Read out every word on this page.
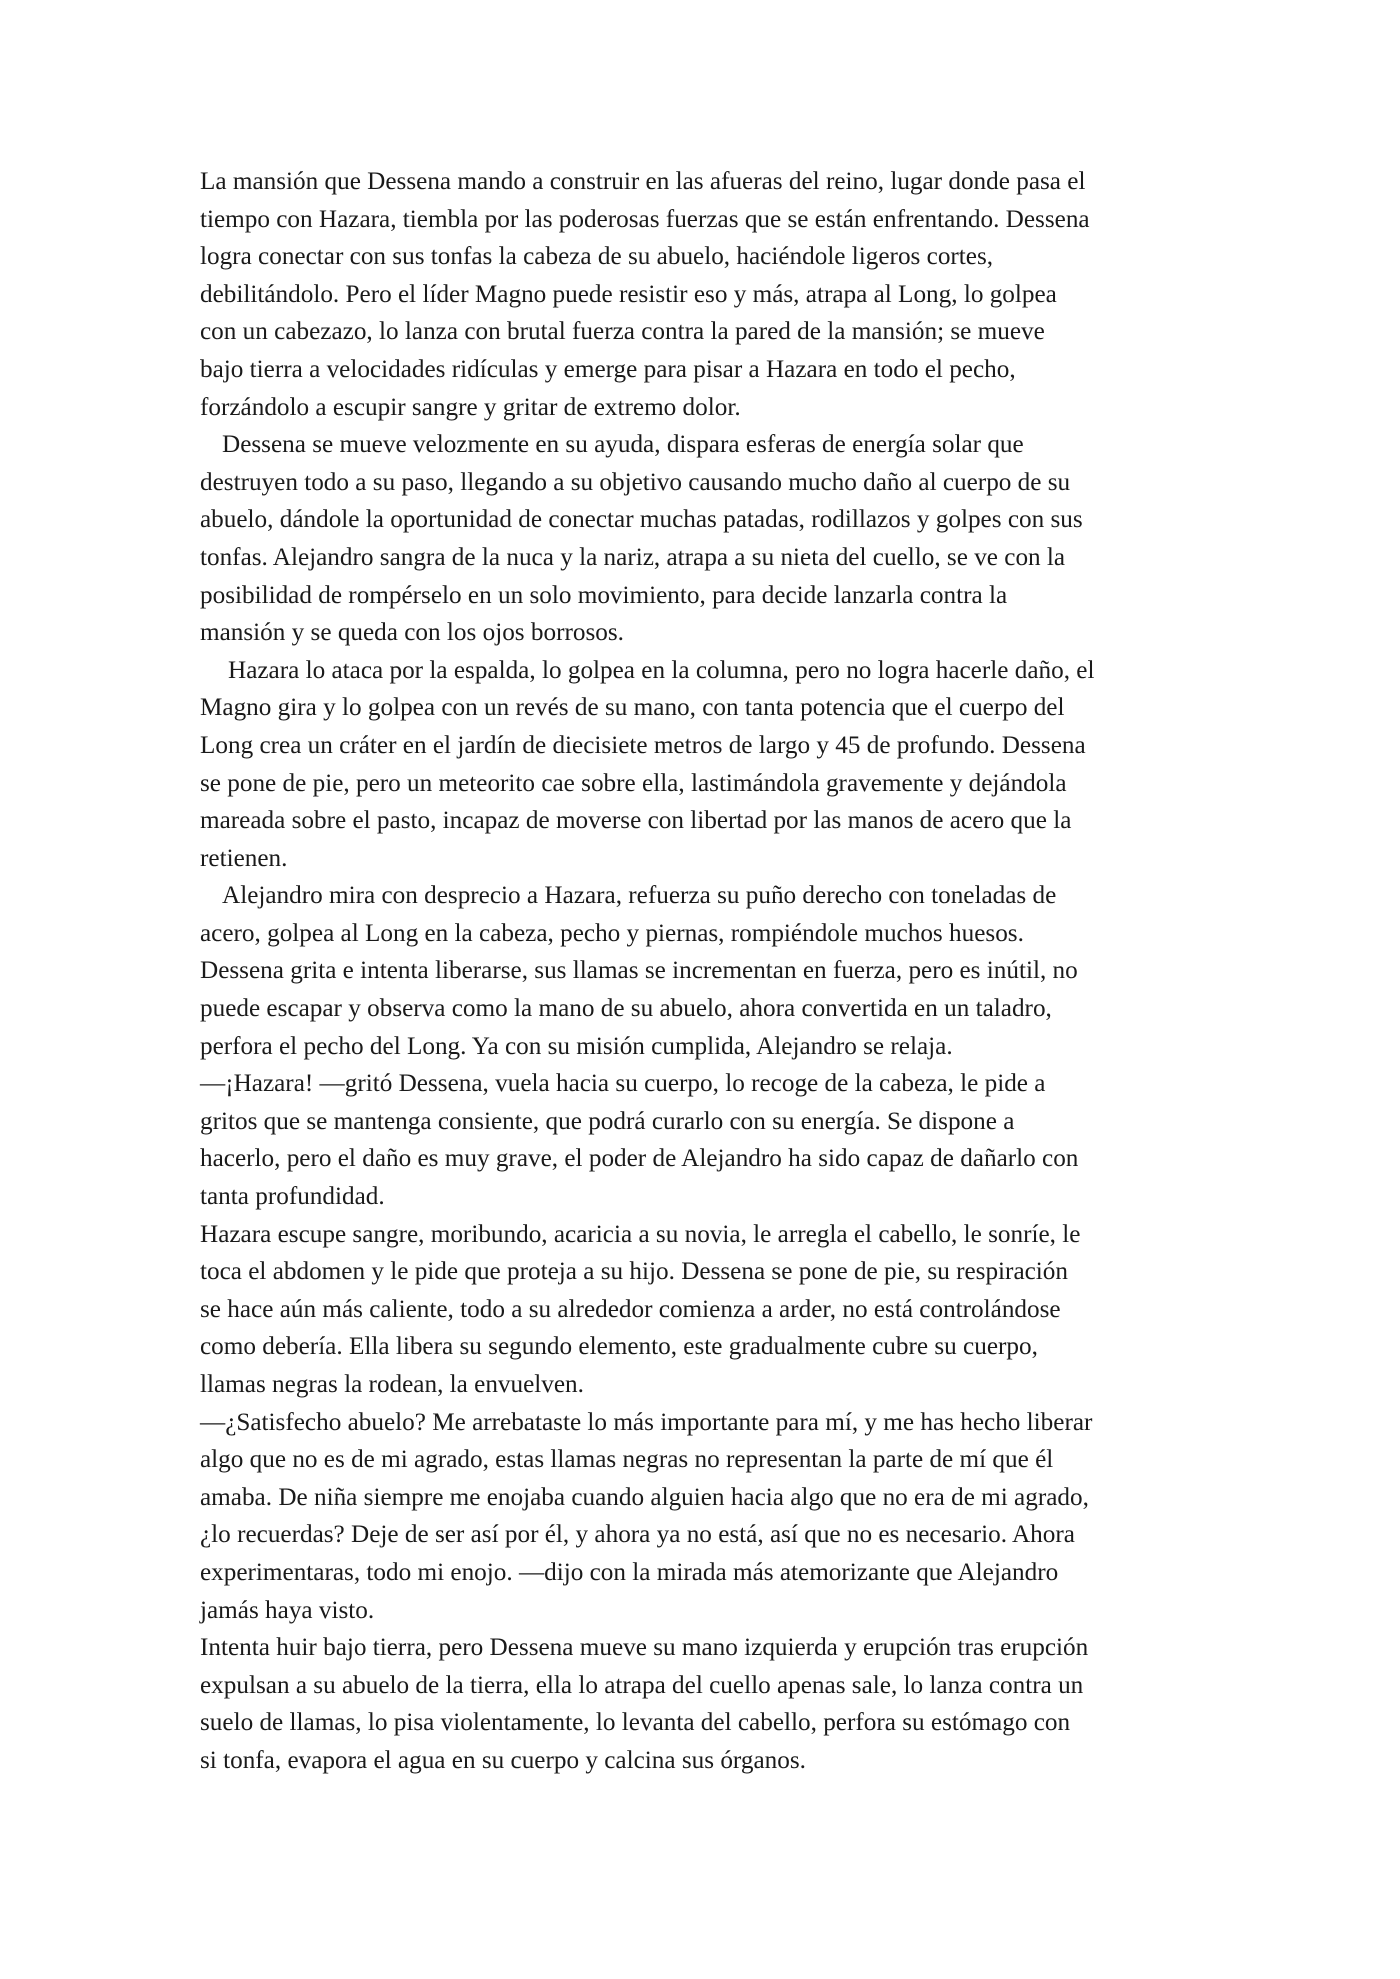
La mansión que Dessena mando a construir en las afueras del reino, lugar donde pasa el
tiempo con Hazara, tiembla por las poderosas fuerzas que se están enfrentando. Dessena
logra conectar con sus tonfas la cabeza de su abuelo, haciéndole ligeros cortes,
debilitándolo. Pero el líder Magno puede resistir eso y más, atrapa al Long, lo golpea
con un cabezazo, lo lanza con brutal fuerza contra la pared de la mansión; se mueve
bajo tierra a velocidades ridículas y emerge para pisar a Hazara en todo el pecho,
forzándolo a escupir sangre y gritar de extremo dolor.

Dessena se mueve velozmente en su ayuda, dispara esferas de energía solar que
destruyen todo a su paso, llegando a su objetivo causando mucho daño al cuerpo de su
abuelo, dándole la oportunidad de conectar muchas patadas, rodillazos y golpes con sus
tonfas. Alejandro sangra de la nuca y la nariz, atrapa a su nieta del cuello, se ve con la
posibilidad de rompérselo en un solo movimiento, para decide lanzarla contra la
mansión y se queda con los ojos borrosos.

Hazara lo ataca por la espalda, lo golpea en la columna, pero no logra hacerle daño, el
Magno gira y lo golpea con un revés de su mano, con tanta potencia que el cuerpo del
Long crea un cráter en el jardín de diecisiete metros de largo y 45 de profundo. Dessena
se pone de pie, pero un meteorito cae sobre ella, lastimándola gravemente y dejándola
mareada sobre el pasto, incapaz de moverse con libertad por las manos de acero que la
retienen.

Alejandro mira con desprecio a Hazara, refuerza su puño derecho con toneladas de
acero, golpea al Long en la cabeza, pecho y piernas, rompiéndole muchos huesos.
Dessena grita e intenta liberarse, sus llamas se incrementan en fuerza, pero es inútil, no
puede escapar y observa como la mano de su abuelo, ahora convertida en un taladro,
perfora el pecho del Long. Ya con su misión cumplida, Alejandro se relaja.

—¡Hazara! —gritó Dessena, vuela hacia su cuerpo, lo recoge de la cabeza, le pide a
gritos que se mantenga consiente, que podrá curarlo con su energía. Se dispone a
hacerlo, pero el daño es muy grave, el poder de Alejandro ha sido capaz de dañarlo con
tanta profundidad.

Hazara escupe sangre, moribundo, acaricia a su novia, le arregla el cabello, le sonríe, le
toca el abdomen y le pide que proteja a su hijo. Dessena se pone de pie, su respiración
se hace aún más caliente, todo a su alrededor comienza a arder, no está controlándose
como debería. Ella libera su segundo elemento, este gradualmente cubre su cuerpo,
llamas negras la rodean, la envuelven.

—¿Satisfecho abuelo? Me arrebataste lo más importante para mí, y me has hecho liberar
algo que no es de mi agrado, estas llamas negras no representan la parte de mí que él
amaba. De niña siempre me enojaba cuando alguien hacia algo que no era de mi agrado,
¿lo recuerdas? Deje de ser así por él, y ahora ya no está, así que no es necesario. Ahora
experimentaras, todo mi enojo. —dijo con la mirada más atemorizante que Alejandro
jamás haya visto.

Intenta huir bajo tierra, pero Dessena mueve su mano izquierda y erupción tras erupción
expulsan a su abuelo de la tierra, ella lo atrapa del cuello apenas sale, lo lanza contra un
suelo de llamas, lo pisa violentamente, lo levanta del cabello, perfora su estómago con
si tonfa, evapora el agua en su cuerpo y calcina sus órganos.
